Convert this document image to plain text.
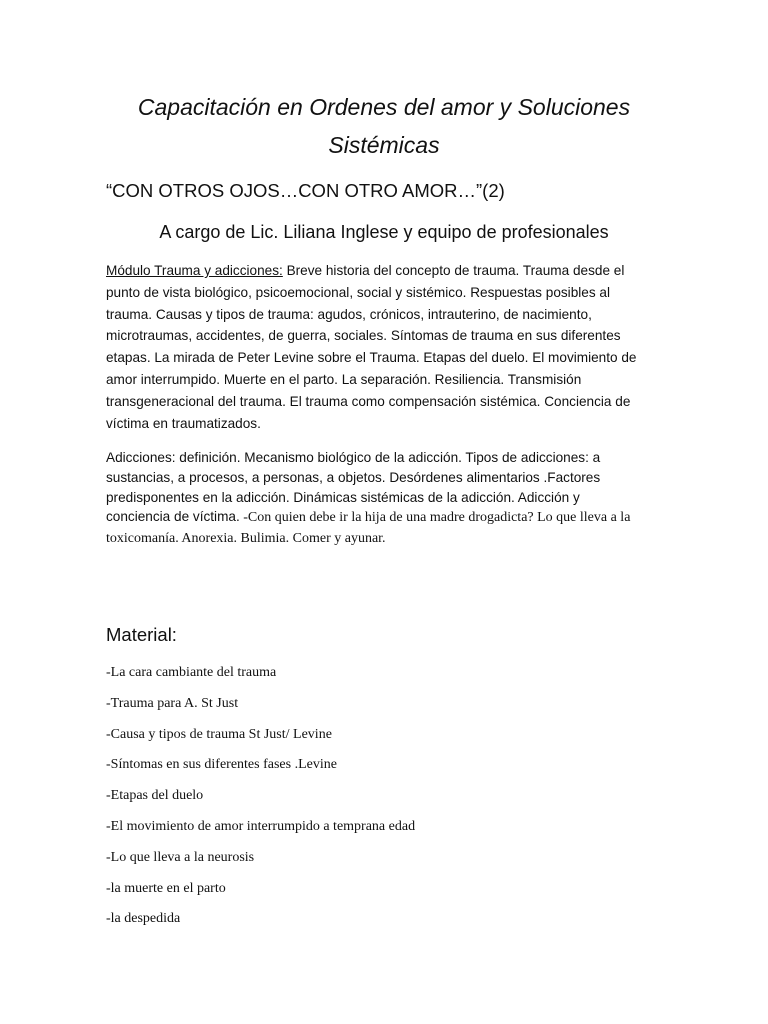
Capacitación en Ordenes del amor y Soluciones Sistémicas
“CON OTROS OJOS…CON OTRO AMOR…”(2)
A cargo de Lic. Liliana Inglese y equipo de profesionales
Módulo Trauma y adicciones: Breve historia del concepto de trauma. Trauma desde el punto de vista biológico, psicoemocional, social y sistémico. Respuestas posibles al trauma. Causas y tipos de trauma: agudos, crónicos, intrauterino, de nacimiento, microtraumas, accidentes, de guerra, sociales. Síntomas de trauma en sus diferentes etapas. La mirada de Peter Levine sobre el Trauma. Etapas del duelo. El movimiento de amor interrumpido. Muerte en el parto. La separación. Resiliencia. Transmisión transgeneracional del trauma. El trauma como compensación sistémica. Conciencia de víctima en traumatizados.
Adicciones: definición. Mecanismo biológico de la adicción. Tipos de adicciones: a sustancias, a procesos, a personas, a objetos. Desórdenes alimentarios .Factores predisponentes en la adicción. Dinámicas sistémicas de la adicción. Adicción y conciencia de víctima. -Con quien debe ir la hija de una madre drogadicta? Lo que lleva a la toxicomanía. Anorexia. Bulimia. Comer y ayunar.
Material:
-La cara cambiante del trauma
-Trauma para A. St Just
-Causa y tipos de trauma St Just/ Levine
-Síntomas en sus diferentes fases .Levine
-Etapas del duelo
-El movimiento de amor interrumpido a temprana edad
-Lo que lleva a la neurosis
-la muerte en el parto
-la despedida
